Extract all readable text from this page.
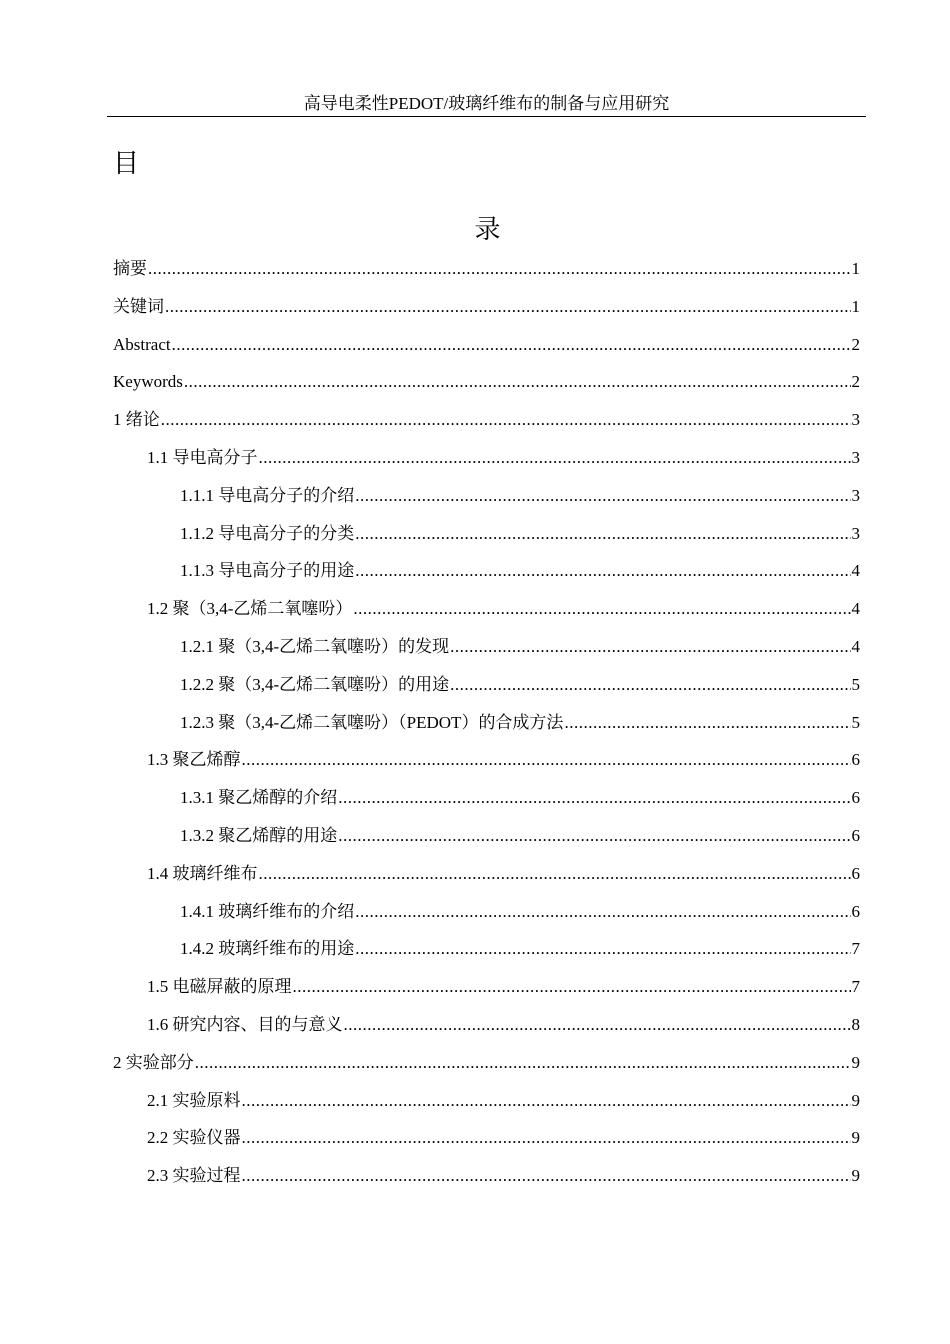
高导电柔性PEDOT/玻璃纤维布的制备与应用研究
目
录
摘要 .....	1
关键词 .....	1
Abstract .....	2
Keywords .....	2
1 绪论 .....	3
1.1 导电高分子 .....	3
1.1.1 导电高分子的介绍 .....	3
1.1.2 导电高分子的分类 .....	3
1.1.3 导电高分子的用途 .....	4
1.2 聚（3,4-乙烯二氧噻吩） .....	4
1.2.1 聚（3,4-乙烯二氧噻吩）的发现 .....	4
1.2.2 聚（3,4-乙烯二氧噻吩）的用途 .....	5
1.2.3 聚（3,4-乙烯二氧噻吩）（PEDOT）的合成方法 .....	5
1.3 聚乙烯醇 .....	6
1.3.1 聚乙烯醇的介绍 .....	6
1.3.2 聚乙烯醇的用途 .....	6
1.4 玻璃纤维布 .....	6
1.4.1 玻璃纤维布的介绍 .....	6
1.4.2 玻璃纤维布的用途 .....	7
1.5 电磁屏蔽的原理 .....	7
1.6 研究内容、目的与意义 .....	8
2 实验部分 .....	9
2.1 实验原料 .....	9
2.2 实验仪器 .....	9
2.3 实验过程 .....	9
